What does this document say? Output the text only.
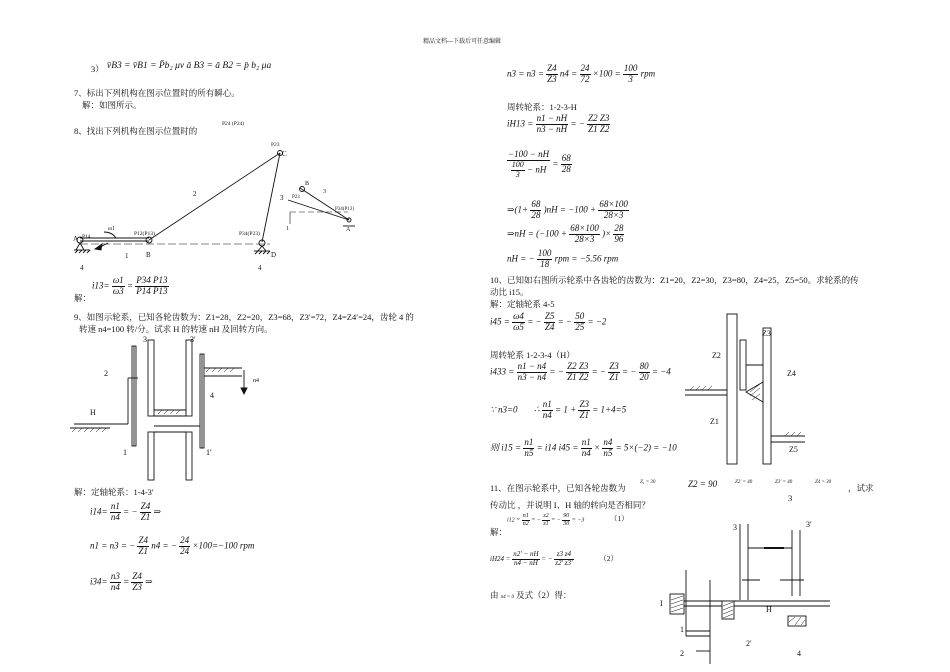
精品文档---下载后可任意编辑
3） v̄B3 = v̄B1 = P̄b₂ μv ā B3 = ā B2 = p̄ b₂ μa
7、标出下列机构在图示位置时的所有瞬心。
解：如图所示。
8、找出下列机构在图示位置时的
P24 (P24)
A P14
ω1
1
P12(P13)
B
2
C
P23
3
P34(P23)
D
4	4
B
P23
3
P34(P13)
A
1
解：
$i13= \frac{\omega 1}{\omega 3} = \frac{P34 P13}{P14 P13}$
9、如图示轮系，已知各轮齿数为：Z1=28，Z2=20，Z3=68，Z3′=72，Z4=Z4′=24，齿轮 4 的
转速 n4=100 转/分。试求 H 的转速 nH 及回转方向。
3	3′
2
4
n4
H
1	1′
解：定轴轮系：1-4-3′
$i14= \frac{n1}{n4}$ = − $\frac{Z4}{Z1}$ ⇒
n1 = n3 = − $\frac{Z4}{Z1} n4$ = − $\frac{24}{24} \times 100=-100$ rpm
$i34= \frac{n3}{n4} = \frac{Z4}{Z3}$ ⇒
$n3 = n3 = \frac{Z4}{Z3} n4 = \frac{24}{72} \times 100 = \frac{100}{3}$ rpm
周转轮系：1-2-3-H
$iH13 = \frac{n1 - nH}{n3 - nH}$ = − $\frac{Z2 Z3}{Z1 Z2}$
$\frac{-100 - nH}{\frac{100}{3} - nH} = \frac{68}{28}$
⇒(1+ $\frac{68}{28} )nH = -100 + \frac{68\times 100}{28\times 3}$
⇒nH = ($-100 + \frac{68\times 100}{28\times 3}$ )× $\frac{28}{96}$
nH = − $\frac{100}{18}$ rpm = −5.56 rpm
10、已知如右图所示轮系中各齿轮的齿数为：Z1=20，Z2=30，Z3=80，Z4=25，Z5=50。求轮系的传
动比 i15。
解：定轴轮系 4-5
$i45 = \frac{\omega 4}{\omega 5}$ = − $\frac{Z5}{Z4}$ = − $\frac{50}{25} = -2$
周转轮系 1-2-3-4（H）
$i433 = \frac{n1 - n4}{n3 - n4}$ = − $\frac{Z2 Z3}{Z1 Z2}$ = − $\frac{Z3}{Z1}$ = − $\frac{80}{20} = -4$
∵ n3=0 ∴ $\frac{n1}{n4} = 1 + \frac{Z3}{Z1} = 1+4=5$
则 $i15 = \frac{n1}{n5} = i14$ $i45 = \frac{n1}{n4} \times \frac{n4}{n5} = 5\times(-2) = -10$
Z3
Z2
Z4
Z1
Z5
11、在图示轮系中，已知各轮齿数为
Z₁ = 30	Z2 = 90	Z2′ = 40	Z3′ = 40	Z4 = 30
，试求
3
传动比 ，并说明 I、H 轴的转向是否相同？
解：
$i12 = \frac{n1}{n2}$ = − $\frac{z2}{z1}$ = − $\frac{90}{30} = -3$	（1）
$iH24 = \frac{n2' - nH}{n4 - nH}$ = − $\frac{z3 z4}{z2' z3'}$	（2）
由 n4 = 0 及式（2）得：
3	3′
I
H
1
2
2′
4
